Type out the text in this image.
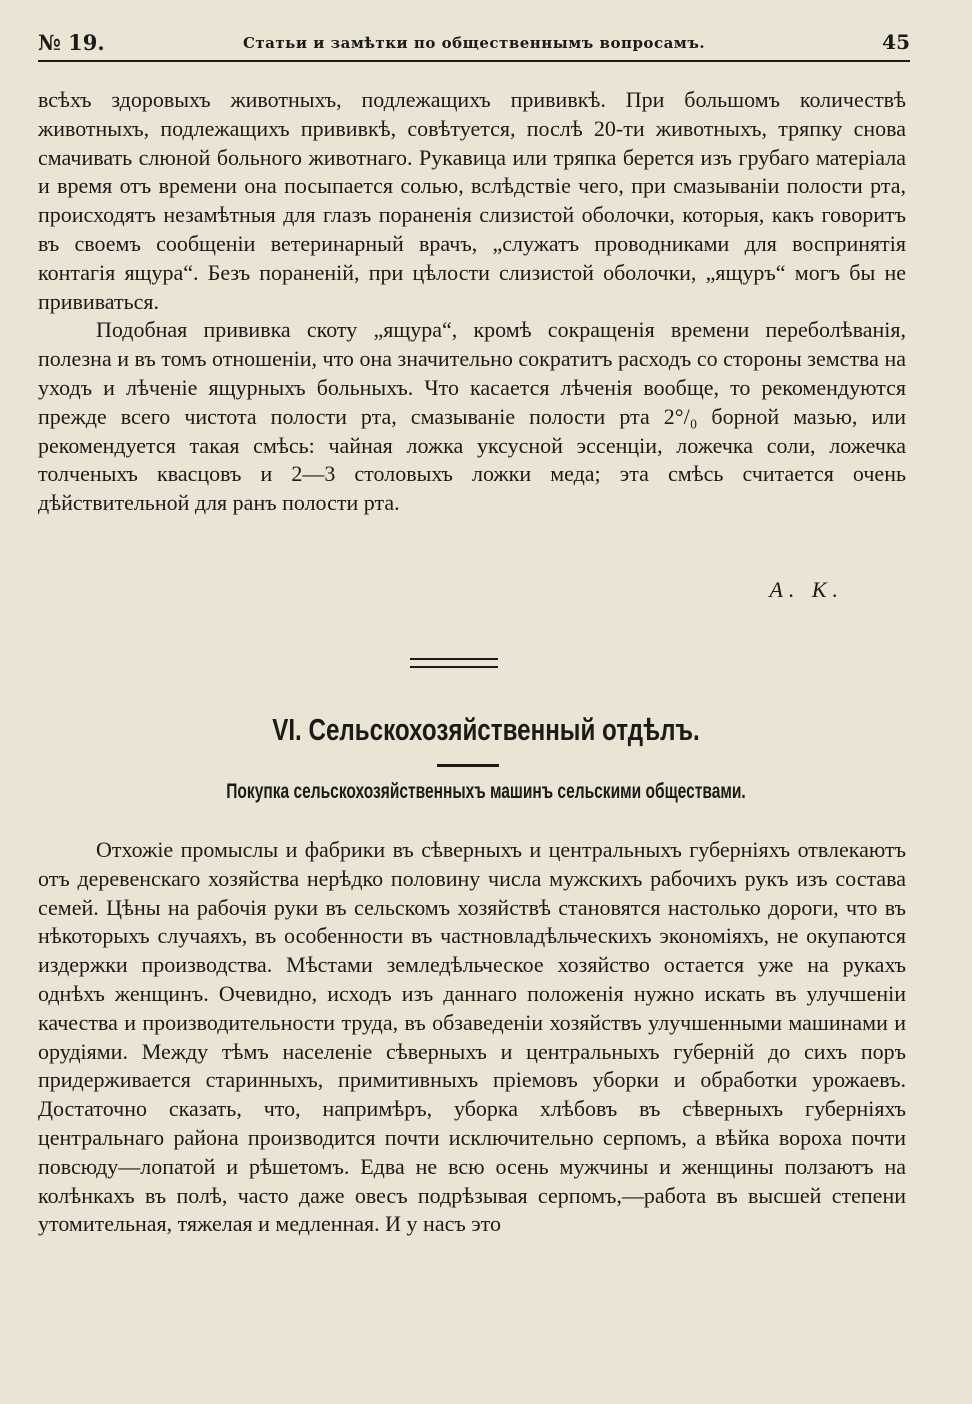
№ 19.	Статьи и замѣтки по общественнымъ вопросамъ.	45

всѣхъ здоровыхъ животныхъ, подлежащихъ прививкѣ. При большомъ количествѣ животныхъ, подлежащихъ прививкѣ, совѣтуется, послѣ 20-ти животныхъ, тряпку снова смачивать слюной больного животнаго. Рукавица или тряпка берется изъ грубаго матеріала и время отъ времени она посыпается солью, вслѣдствіе чего, при смазываніи полости рта, происходятъ незамѣтныя для глазъ пораненія слизистой оболочки, которыя, какъ говоритъ въ своемъ сообщеніи ветеринарный врачъ, „служатъ проводниками для воспринятія контагія ящура“. Безъ пораненій, при цѣлости слизистой оболочки, „ящуръ“ могъ бы не прививаться.

Подобная прививка скоту „ящура“, кромѣ сокращенія времени переболѣванія, полезна и въ томъ отношеніи, что она значительно сократитъ расходъ со стороны земства на уходъ и лѣченіе ящурныхъ больныхъ. Что касается лѣченія вообще, то рекомендуются прежде всего чистота полости рта, смазываніе полости рта 2°/₀ борной мазью, или рекомендуется такая смѣсь: чайная ложка уксусной эссенціи, ложечка соли, ложечка толченыхъ квасцовъ и 2—3 столовыхъ ложки меда; эта смѣсь считается очень дѣйствительной для ранъ полости рта.

А. К.
VI. Сельскохозяйственный отдѣлъ.
Покупка сельскохозяйственныхъ машинъ сельскими обществами.

Отхожіе промыслы и фабрики въ сѣверныхъ и центральныхъ губерніяхъ отвлекаютъ отъ деревенскаго хозяйства нерѣдко половину числа мужскихъ рабочихъ рукъ изъ состава семей. Цѣны на рабочія руки въ сельскомъ хозяйствѣ становятся настолько дороги, что въ нѣкоторыхъ случаяхъ, въ особенности въ частновладѣльческихъ экономіяхъ, не окупаются издержки производства. Мѣстами земледѣльческое хозяйство остается уже на рукахъ однѣхъ женщинъ. Очевидно, исходъ изъ даннаго положенія нужно искать въ улучшеніи качества и производительности труда, въ обзаведеніи хозяйствъ улучшенными машинами и орудіями. Между тѣмъ населеніе сѣверныхъ и центральныхъ губерній до сихъ поръ придерживается старинныхъ, примитивныхъ пріемовъ уборки и обработки урожаевъ. Достаточно сказать, что, напримѣръ, уборка хлѣбовъ въ сѣверныхъ губерніяхъ центральнаго района производится почти исключительно серпомъ, а вѣйка вороха почти повсюду—лопатой и рѣшетомъ. Едва не всю осень мужчины и женщины ползаютъ на колѣнкахъ въ полѣ, часто даже овесъ подрѣзывая серпомъ,—работа въ высшей степени утомительная, тяжелая и медленная. И у насъ это
